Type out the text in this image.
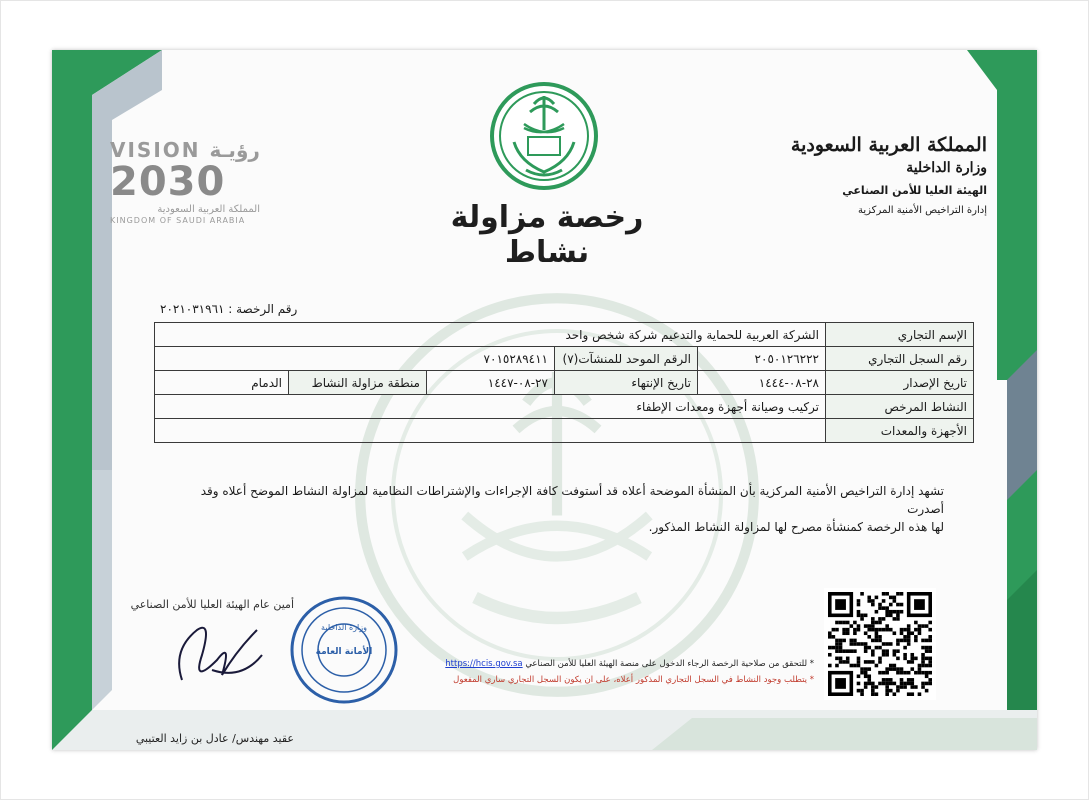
VISION رؤيـة
2030
المملكة العربية السعودية
KINGDOM OF SAUDI ARABIA	رخصة مزاولة نشاط
المملكة العربية السعودية
وزارة الداخلية
الهيئة العليا للأمن الصناعي
إدارة التراخيص الأمنية المركزية
رقم الرخصة : ٢٠٢١٠٣١٩٦١
الإسم التجاري	الشركة العربية للحماية والتدعيم شركة شخص واحد				
رقم السجل التجاري	٢٠٥٠١٢٦٢٢٢	الرقم الموحد للمنشآت(٧)	٧٠١٥٢٨٩٤١١		
تاريخ الإصدار	٢٨-٠٨-١٤٤٤	تاريخ الإنتهاء	٢٧-٠٨-١٤٤٧	منطقة مزاولة النشاط	الدمام
النشاط المرخص	تركيب وصيانة أجهزة ومعدات الإطفاء				
الأجهزة والمعدات					
تشهد إدارة التراخيص الأمنية المركزية بأن المنشأة الموضحة أعلاه قد أستوفت كافة الإجراءات والإشتراطات النظامية لمزاولة النشاط الموضح أعلاه وقد أصدرت
لها هذه الرخصة كمنشأة مصرح لها لمزاولة النشاط المذكور.
أمين عام الهيئة العليا للأمن الصناعي
عقيد مهندس/ عادل بن زايد العتيبي
وزارة الداخلية
الأمانة العامة
* للتحقق من صلاحية الرخصة الرجاء الدخول على منصة الهيئة العليا للأمن الصناعي https://hcis.gov.sa
* يتطلب وجود النشاط في السجل التجاري المذكور أعلاه، على ان يكون السجل التجاري ساري المفعول
